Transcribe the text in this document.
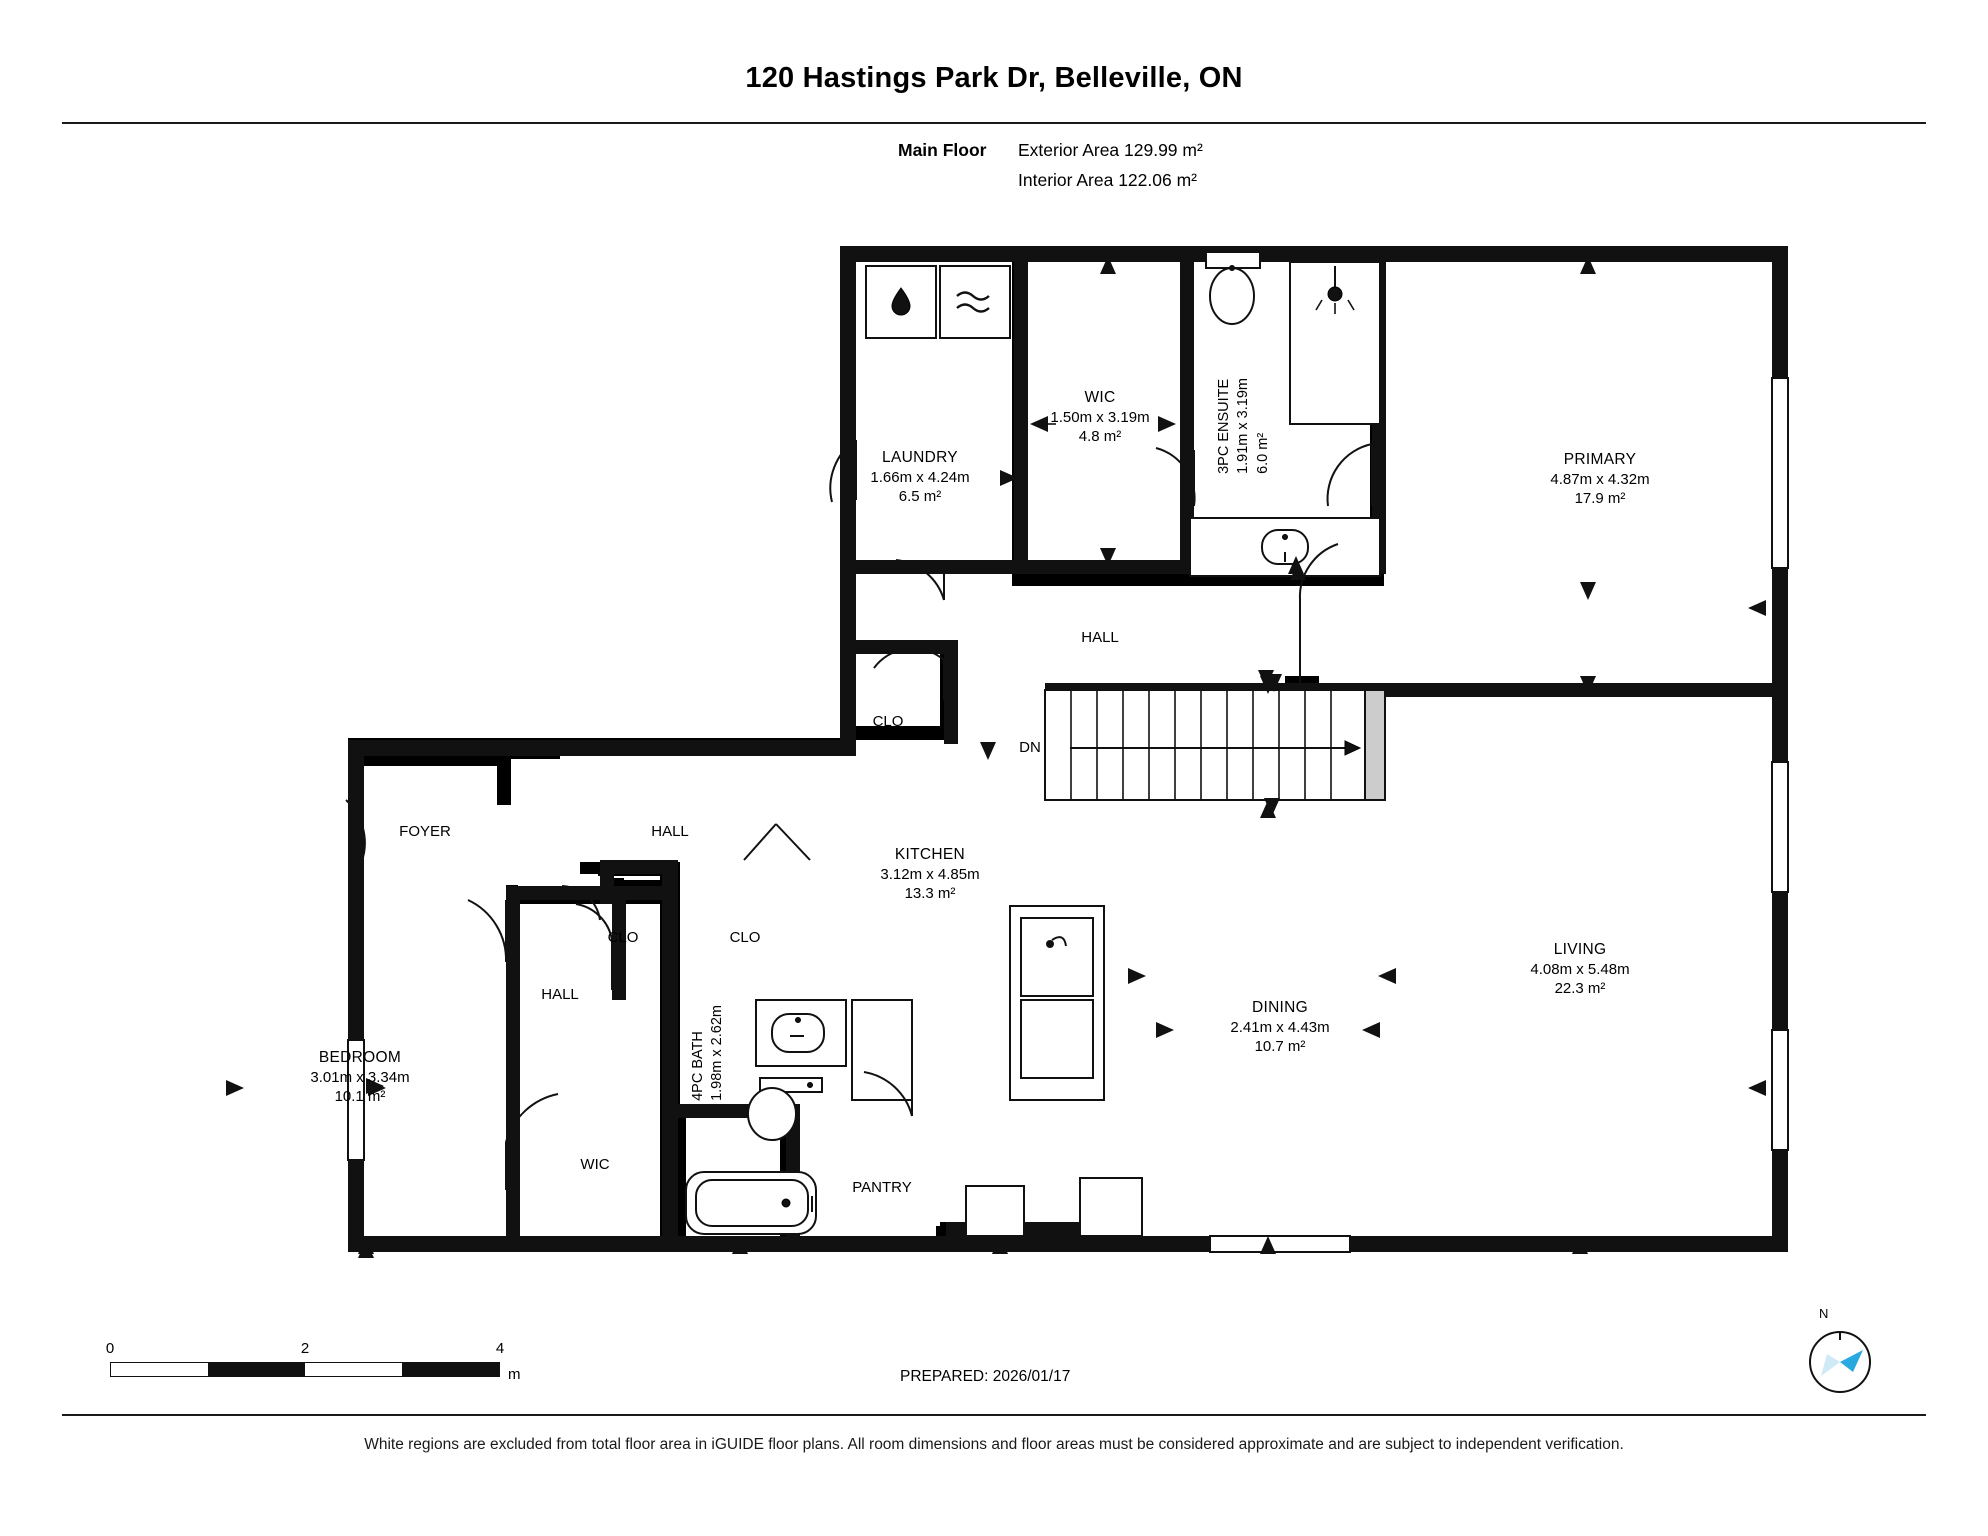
120 Hastings Park Dr, Belleville, ON
Main Floor	Exterior Area 129.99 m²
Interior Area 122.06 m²
LAUNDRY
1.66m x 4.24m
6.5 m²
WIC
1.50m x 3.19m
4.8 m²	3PC ENSUITE 1.91m x 3.19m 6.0 m²	PRIMARY
4.87m x 4.32m
17.9 m²
KITCHEN
3.12m x 4.85m
13.3 m²
LIVING
4.08m x 5.48m
22.3 m²
DINING
2.41m x 4.43m
10.7 m²
BEDROOM
3.01m x 3.34m
10.1 m²	4PC BATH 1.98m x 2.62m
HALL
FOYER	HALL
HALL
CLO
CLO	CLO
WIC
PANTRY
DN
0	2	4
m	PREPARED: 2026/01/17
N
White regions are excluded from total floor area in iGUIDE floor plans. All room dimensions and floor areas must be considered approximate and are subject to independent verification.
